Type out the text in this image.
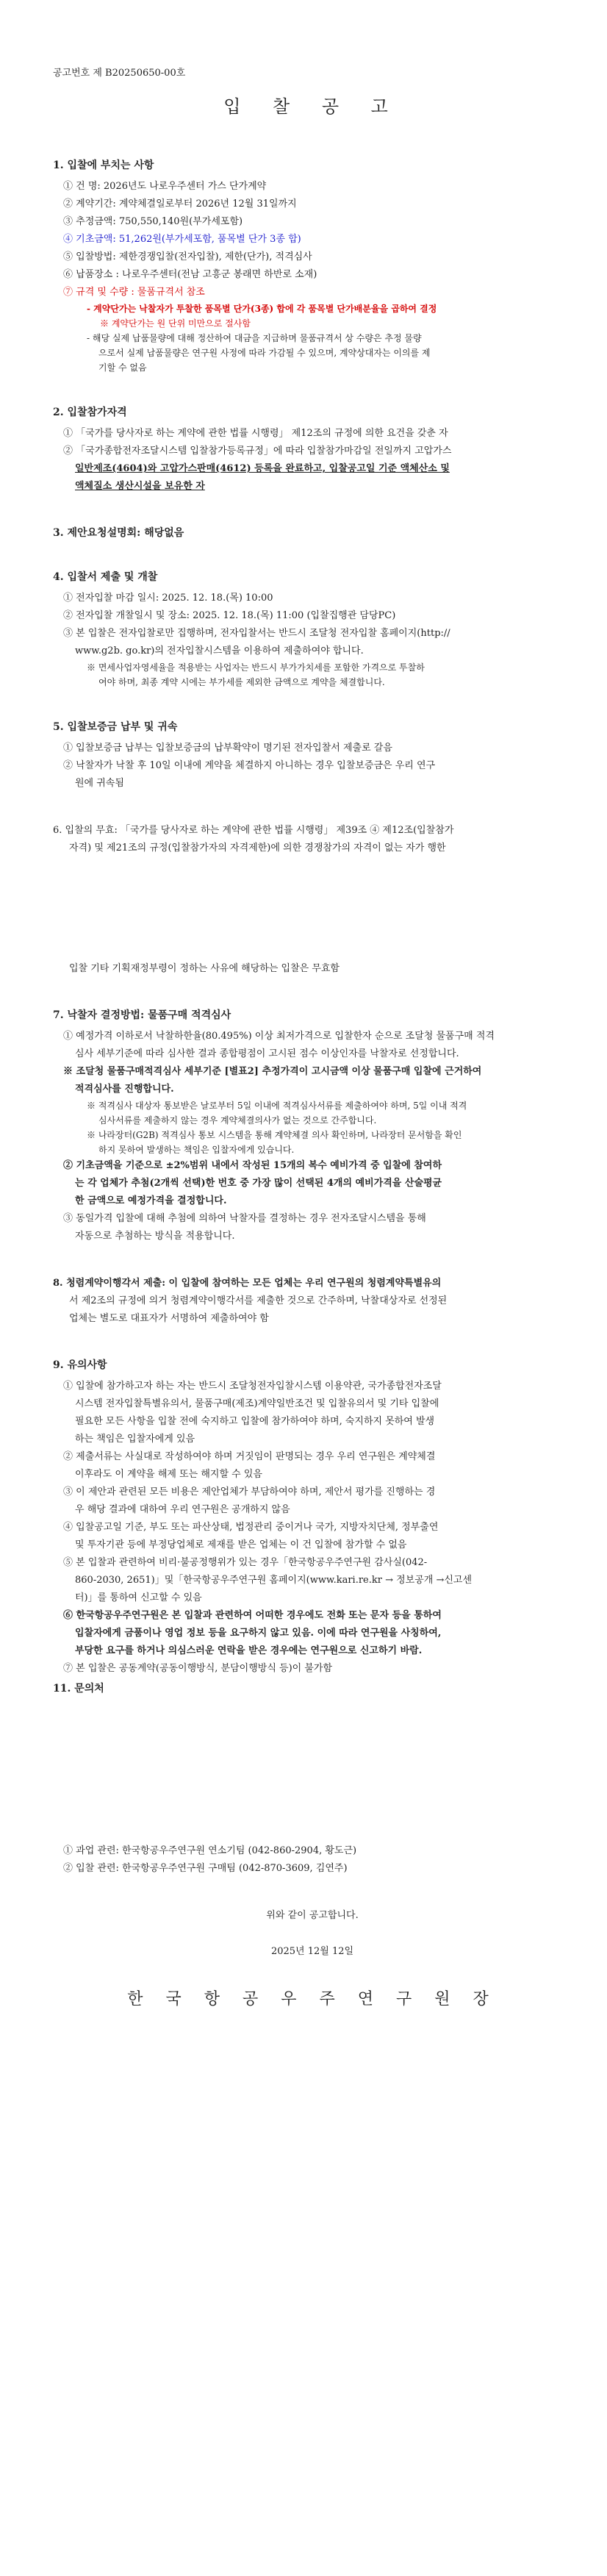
공고번호 제 B20250650-00호
입 찰 공 고
1. 입찰에 부치는 사항
① 건 명: 2026년도 나로우주센터 가스 단가계약
② 계약기간: 계약체결일로부터 2026년 12월 31일까지
③ 추정금액: 750,550,140원(부가세포함)
④ 기초금액: 51,262원(부가세포함, 품목별 단가 3종 합)
⑤ 입찰방법: 제한경쟁입찰(전자입찰), 제한(단가), 적격심사
⑥ 납품장소 : 나로우주센터(전남 고흥군 봉래면 하반로 소재)
⑦ 규격 및 수량 : 물품규격서 참조
- 계약단가는 낙찰자가 투찰한 품목별 단가(3종) 합에 각 품목별 단가배분율을 곱하여 결정
※ 계약단가는 원 단위 미만으로 절사함
- 해당 실제 납품물량에 대해 정산하여 대금을 지급하며 물품규격서 상 수량은 추정 물량
으로서 실제 납품물량은 연구원 사정에 따라 가감될 수 있으며, 계약상대자는 이의를 제
기할 수 없음
2. 입찰참가자격
① 「국가를 당사자로 하는 계약에 관한 법률 시행령」 제12조의 규정에 의한 요건을 갖춘 자
② 「국가종합전자조달시스템 입찰참가등록규정」에 따라 입찰참가마감일 전일까지 고압가스
일반제조(4604)와 고압가스판매(4612) 등록을 완료하고, 입찰공고일 기준 액체산소 및
액체질소 생산시설을 보유한 자
3. 제안요청설명회: 해당없음
4. 입찰서 제출 및 개찰
① 전자입찰 마감 일시: 2025. 12. 18.(목) 10:00
② 전자입찰 개찰일시 및 장소: 2025. 12. 18.(목) 11:00 (입찰집행관 담당PC)
③ 본 입찰은 전자입찰로만 집행하며, 전자입찰서는 반드시 조달청 전자입찰 홈페이지(http://
www.g2b. go.kr)의 전자입찰시스템을 이용하여 제출하여야 합니다.
※ 면세사업자영세율을 적용받는 사업자는 반드시 부가가치세를 포함한 가격으로 투찰하
여야 하며, 최종 계약 시에는 부가세를 제외한 금액으로 계약을 체결합니다.
5. 입찰보증금 납부 및 귀속
① 입찰보증금 납부는 입찰보증금의 납부확약이 명기된 전자입찰서 제출로 갈음
② 낙찰자가 낙찰 후 10일 이내에 계약을 체결하지 아니하는 경우 입찰보증금은 우리 연구
원에 귀속됨
6. 입찰의 무효: 「국가를 당사자로 하는 계약에 관한 법률 시행령」 제39조 ④ 제12조(입찰참가
자격) 및 제21조의 규정(입찰참가자의 자격제한)에 의한 경쟁참가의 자격이 없는 자가 행한
입찰 기타 기획재정부령이 정하는 사유에 해당하는 입찰은 무효함
7. 낙찰자 결정방법: 물품구매 적격심사
① 예정가격 이하로서 낙찰하한율(80.495%) 이상 최저가격으로 입찰한자 순으로 조달청 물품구매 적격
심사 세부기준에 따라 심사한 결과 종합평점이 고시된 점수 이상인자를 낙찰자로 선정합니다.
※ 조달청 물품구매적격심사 세부기준 [별표2] 추정가격이 고시금액 이상 물품구매 입찰에 근거하여
적격심사를 진행합니다.
※ 적격심사 대상자 통보받은 날로부터 5일 이내에 적격심사서류를 제출하여야 하며, 5일 이내 적격
심사서류를 제출하지 않는 경우 계약체결의사가 없는 것으로 간주합니다.
※ 나라장터(G2B) 적격심사 통보 시스템을 통해 계약체결 의사 확인하며, 나라장터 문서함을 확인
하지 못하여 발생하는 책임은 입찰자에게 있습니다.
② 기초금액을 기준으로 ±2%범위 내에서 작성된 15개의 복수 예비가격 중 입찰에 참여하
는 각 업체가 추첨(2개씩 선택)한 번호 중 가장 많이 선택된 4개의 예비가격을 산술평균
한 금액으로 예정가격을 결정합니다.
③ 동일가격 입찰에 대해 추첨에 의하여 낙찰자를 결정하는 경우 전자조달시스템을 통해
자동으로 추첨하는 방식을 적용합니다.
8. 청렴계약이행각서 제출: 이 입찰에 참여하는 모든 업체는 우리 연구원의 청렴계약특별유의
서 제2조의 규정에 의거 청렴계약이행각서를 제출한 것으로 간주하며, 낙찰대상자로 선정된
업체는 별도로 대표자가 서명하여 제출하여야 함
9. 유의사항
① 입찰에 참가하고자 하는 자는 반드시 조달청전자입찰시스템 이용약관, 국가종합전자조달
시스템 전자입찰특별유의서, 물품구매(제조)계약일반조건 및 입찰유의서 및 기타 입찰에
필요한 모든 사항을 입찰 전에 숙지하고 입찰에 참가하여야 하며, 숙지하지 못하여 발생
하는 책임은 입찰자에게 있음
② 제출서류는 사실대로 작성하여야 하며 거짓임이 판명되는 경우 우리 연구원은 계약체결
이후라도 이 계약을 해제 또는 해지할 수 있음
③ 이 제안과 관련된 모든 비용은 제안업체가 부담하여야 하며, 제안서 평가를 진행하는 경
우 해당 결과에 대하여 우리 연구원은 공개하지 않음
④ 입찰공고일 기준, 부도 또는 파산상태, 법정관리 중이거나 국가, 지방자치단체, 정부출연
및 투자기관 등에 부정당업체로 제재를 받은 업체는 이 건 입찰에 참가할 수 없음
⑤ 본 입찰과 관련하여 비리·불공정행위가 있는 경우「한국항공우주연구원 감사실(042-
860-2030, 2651)」및「한국항공우주연구원 홈페이지(www.kari.re.kr → 정보공개 →신고센
터)」를 통하여 신고할 수 있음
⑥ 한국항공우주연구원은 본 입찰과 관련하여 어떠한 경우에도 전화 또는 문자 등을 통하여
입찰자에게 금품이나 영업 정보 등을 요구하지 않고 있음. 이에 따라 연구원을 사칭하여,
부당한 요구를 하거나 의심스러운 연락을 받은 경우에는 연구원으로 신고하기 바람.
⑦ 본 입찰은 공동계약(공동이행방식, 분담이행방식 등)이 불가함
11. 문의처
① 과업 관련: 한국항공우주연구원 연소기팀 (042-860-2904, 황도근)
② 입찰 관련: 한국항공우주연구원 구매팀 (042-870-3609, 김연주)
위와 같이 공고합니다.
2025년 12월 12일
한 국 항 공 우 주 연 구 원 장
